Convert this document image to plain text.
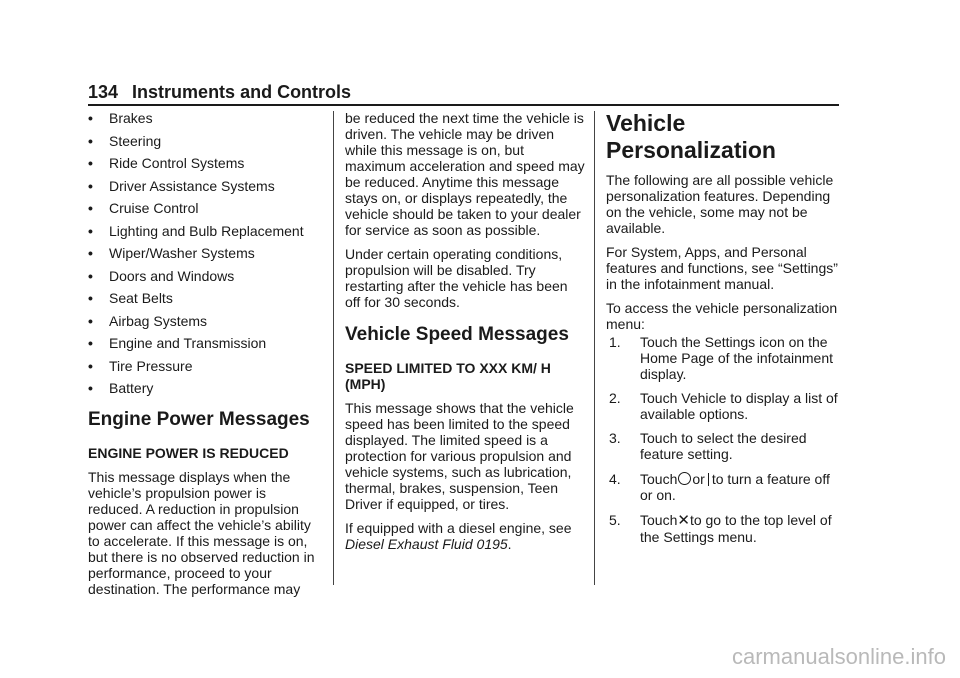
134 Instruments and Controls
•	Brakes
•	Steering
•	Ride Control Systems
•	Driver Assistance Systems
•	Cruise Control
•	Lighting and Bulb Replacement
•	Wiper/Washer Systems
•	Doors and Windows
•	Seat Belts
•	Airbag Systems
•	Engine and Transmission
•	Tire Pressure
•	Battery
Engine Power Messages
ENGINE POWER IS REDUCED

This message displays when the vehicle’s propulsion power is reduced. A reduction in propulsion power can affect the vehicle’s ability to accelerate. If this message is on, but there is no observed reduction in performance, proceed to your destination. The performance may

be reduced the next time the vehicle is driven. The vehicle may be driven while this message is on, but maximum acceleration and speed may be reduced. Anytime this message stays on, or displays repeatedly, the vehicle should be taken to your dealer for service as soon as possible.

Under certain operating conditions, propulsion will be disabled. Try restarting after the vehicle has been off for 30 seconds.

Vehicle Speed Messages
SPEED LIMITED TO XXX KM/ H (MPH)

This message shows that the vehicle speed has been limited to the speed displayed. The limited speed is a protection for various propulsion and vehicle systems, such as lubrication, thermal, brakes, suspension, Teen Driver if equipped, or tires.

If equipped with a diesel engine, see Diesel Exhaust Fluid 0195.

Vehicle Personalization

The following are all possible vehicle personalization features. Depending on the vehicle, some may not be available.

For System, Apps, and Personal features and functions, see “Settings” in the infotainment manual.

To access the vehicle personalization menu:

1.	Touch the Settings icon on the Home Page of the infotainment display.
2.	Touch Vehicle to display a list of available options.
3.	Touch to select the desired feature setting.
4.	Touch or to turn a feature off or on.
5.	Touch✕to go to the top level of the Settings menu.
carmanualsonline.info
